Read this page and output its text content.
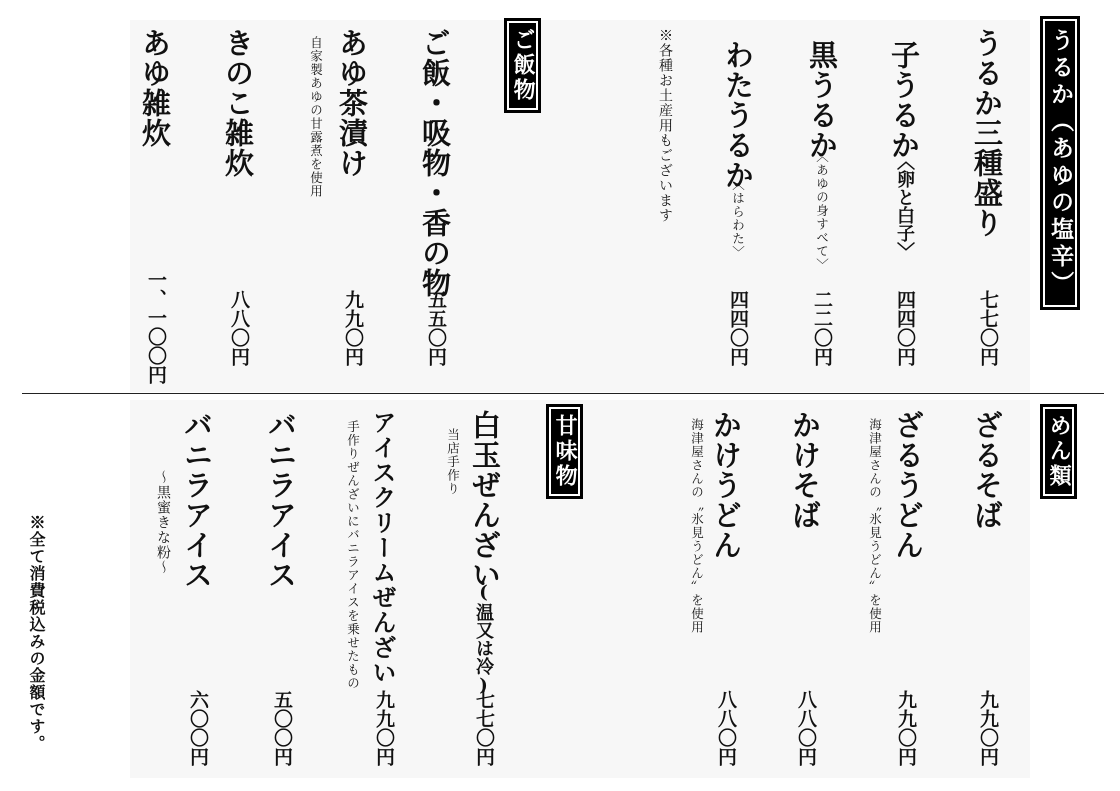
うるか（あゆの塩辛）
うるか三種盛り
七七〇円
子うるか
〈卵と白子〉
四四〇円
黒うるか
〈あゆの身すべて〉
二二〇円
わたうるか
〈はらわた〉
四四〇円
※各種お土産用もございます
ご飯物
ご飯・吸物・香の物
五五〇円
あゆ茶漬け
自家製あゆの甘露煮を使用
九九〇円
きのこ雑炊
八八〇円
あゆ雑炊
一、一〇〇円
めん類
ざるそば
九九〇円
ざるうどん
海津屋さんの〝氷見うどん〟を使用
九九〇円
かけそば
八八〇円
かけうどん
海津屋さんの〝氷見うどん〟を使用
八八〇円
甘味物
白玉ぜんざい
(温又は冷)
当店手作り
七七〇円
アイスクリームぜんざい
手作りぜんざいにバニラアイスを乗せたもの
九九〇円
バニラアイス
五〇〇円
バニラアイス
〜黒蜜きな粉〜
六〇〇円
※全て消費税込みの金額です。
